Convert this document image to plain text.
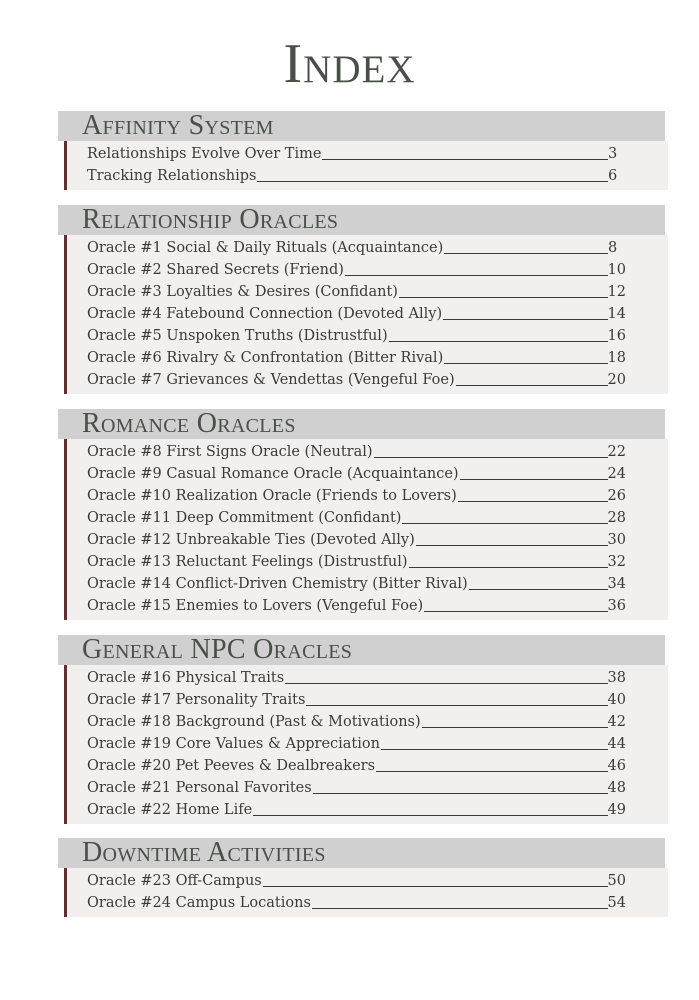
Index
Affinity System
Relationships Evolve Over Time	3
Tracking Relationships	6
Relationship Oracles
Oracle #1 Social & Daily Rituals (Acquaintance)	8
Oracle #2 Shared Secrets (Friend)	10
Oracle #3 Loyalties & Desires (Confidant)	12
Oracle #4 Fatebound Connection (Devoted Ally)	14
Oracle #5 Unspoken Truths (Distrustful)	16
Oracle #6 Rivalry & Confrontation (Bitter Rival)	18
Oracle #7 Grievances & Vendettas (Vengeful Foe)	20
Romance Oracles
Oracle #8 First Signs Oracle (Neutral)	22
Oracle #9 Casual Romance Oracle (Acquaintance)	24
Oracle #10 Realization Oracle (Friends to Lovers)	26
Oracle #11 Deep Commitment (Confidant)	28
Oracle #12 Unbreakable Ties (Devoted Ally)	30
Oracle #13 Reluctant Feelings (Distrustful)	32
Oracle #14 Conflict-Driven Chemistry (Bitter Rival)	34
Oracle #15 Enemies to Lovers (Vengeful Foe)	36
General NPC Oracles
Oracle #16 Physical Traits	38
Oracle #17 Personality Traits	40
Oracle #18 Background (Past & Motivations)	42
Oracle #19 Core Values & Appreciation	44
Oracle #20 Pet Peeves & Dealbreakers	46
Oracle #21 Personal Favorites	48
Oracle #22 Home Life	49
Downtime Activities
Oracle #23 Off-Campus	50
Oracle #24 Campus Locations	54
